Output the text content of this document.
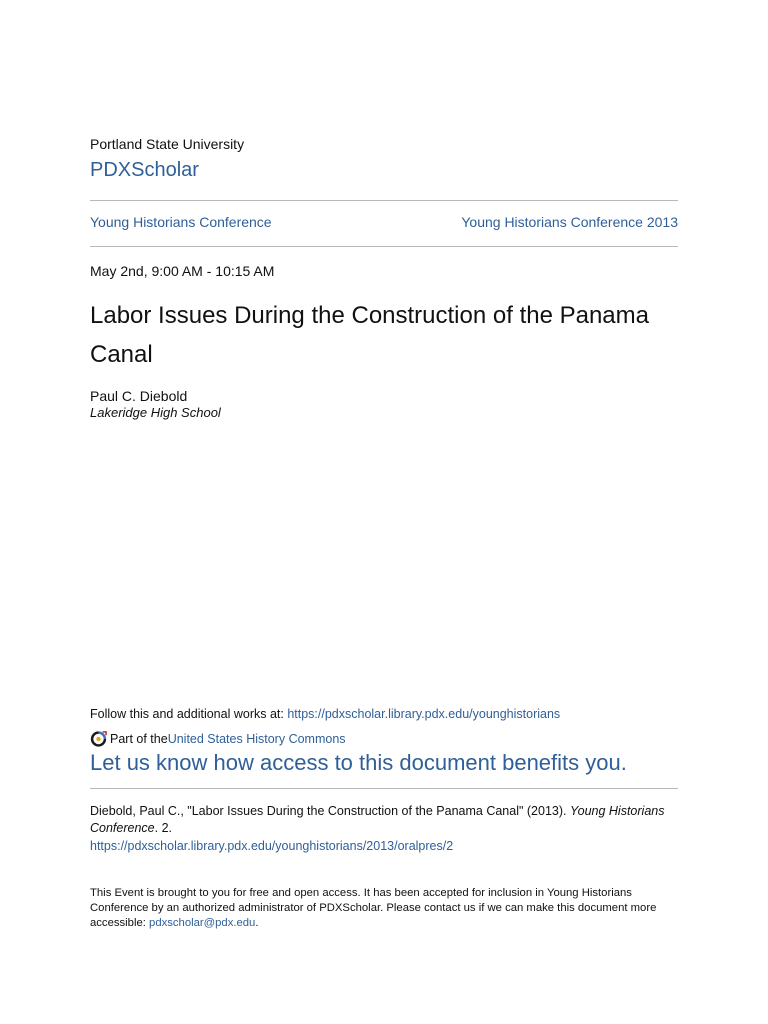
Portland State University
PDXScholar
Young Historians Conference	Young Historians Conference 2013
May 2nd, 9:00 AM - 10:15 AM
Labor Issues During the Construction of the Panama Canal
Paul C. Diebold
Lakeridge High School
Follow this and additional works at: https://pdxscholar.library.pdx.edu/younghistorians
Part of the United States History Commons
Let us know how access to this document benefits you.
Diebold, Paul C., "Labor Issues During the Construction of the Panama Canal" (2013). Young Historians Conference. 2.
https://pdxscholar.library.pdx.edu/younghistorians/2013/oralpres/2
This Event is brought to you for free and open access. It has been accepted for inclusion in Young Historians Conference by an authorized administrator of PDXScholar. Please contact us if we can make this document more accessible: pdxscholar@pdx.edu.
